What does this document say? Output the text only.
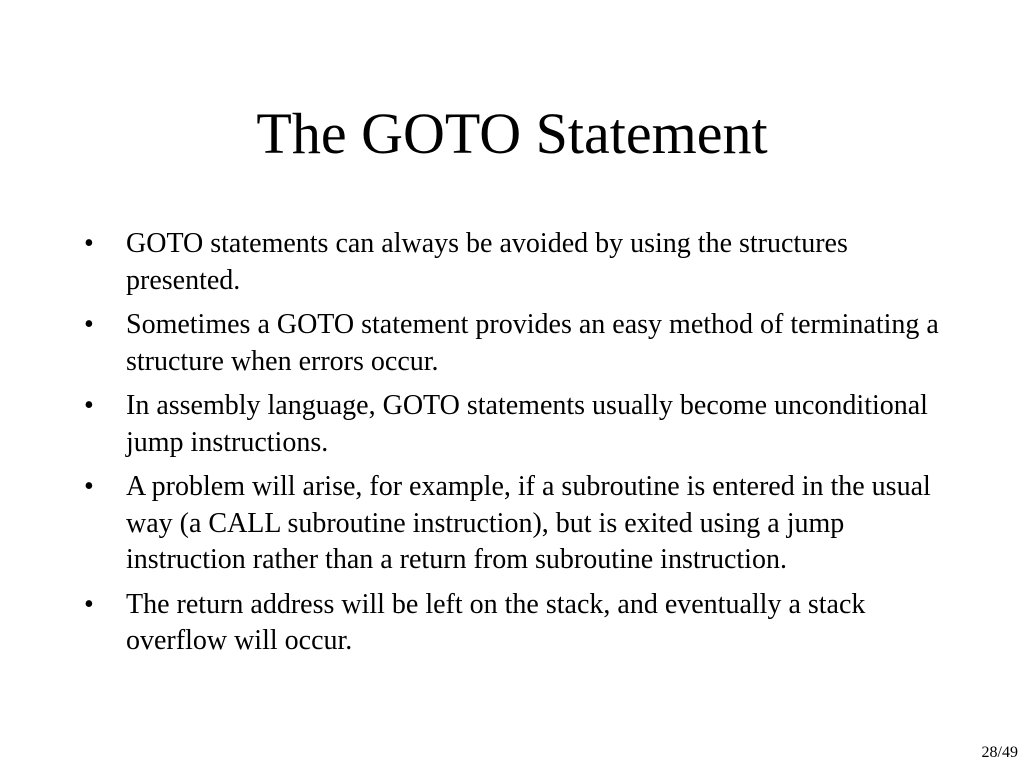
The GOTO Statement
•	GOTO statements can always be avoided by using the structures presented.
•	Sometimes a GOTO statement provides an easy method of terminating a structure when errors occur.
•	In assembly language, GOTO statements usually become unconditional jump instructions.
•	A problem will arise, for example, if a subroutine is entered in the usual way (a CALL subroutine instruction), but is exited using a jump instruction rather than a return from subroutine instruction.
•	The return address will be left on the stack, and eventually a stack overflow will occur.
28/49
